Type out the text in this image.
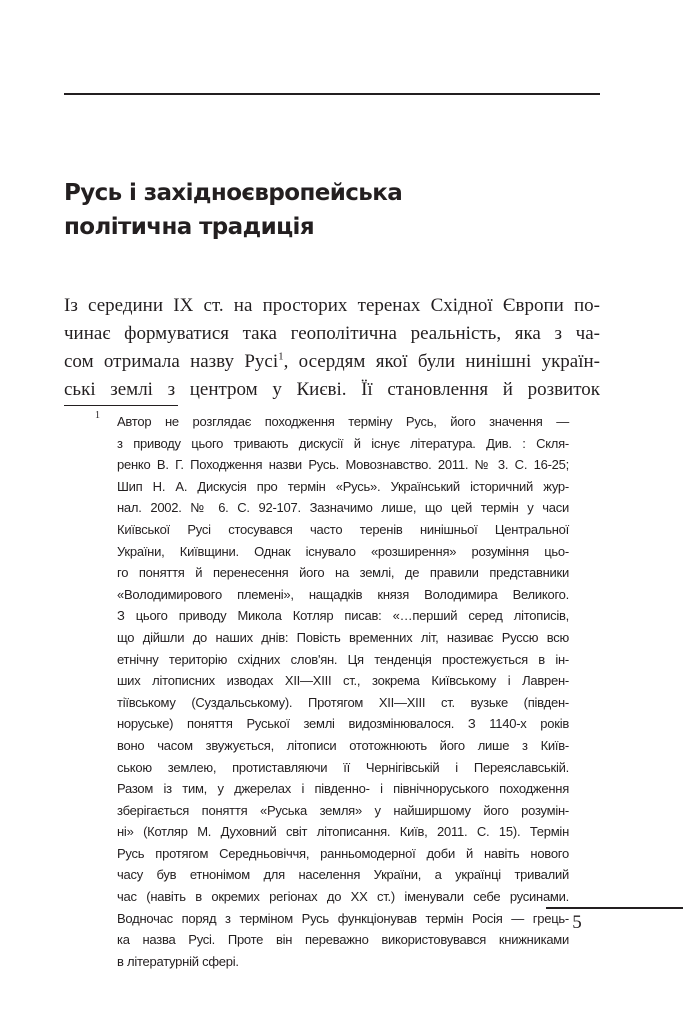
Русь і західноєвропейська
політична традиція
Із середини IX ст. на просторих теренах Східної Європи по-
чинає формуватися така геополітична реальність, яка з ча-
сом отримала назву Русі$^1$, осердям якої були нинішні україн-
ські землі з центром у Києві. Її становлення й розвиток
1 Автор не розглядає походження терміну Русь, його значення —
з приводу цього тривають дискусії й існує література. Див. : Скля-
ренко В. Г. Походження назви Русь. Мовознавство. 2011. № 3. С. 16-25;
Шип Н. А. Дискусія про термін «Русь». Український історичний жур-
нал. 2002. № 6. С. 92-107. Зазначимо лише, що цей термін у часи
Київської Русі стосувався часто теренів нинішньої Центральної
України, Київщини. Однак існувало «розширення» розуміння цьо-
го поняття й перенесення його на землі, де правили представники
«Володимирового племені», нащадків князя Володимира Великого.
З цього приводу Микола Котляр писав: «…перший серед літописів,
що дійшли до наших днів: Повість временних літ, називає Руссю всю
етнічну територію східних слов'ян. Ця тенденція простежується в ін-
ших літописних изводах XII—XIII ст., зокрема Київському і Лаврен-
тіївському (Суздальському). Протягом XII—XIII ст. вузьке (півден-
норуське) поняття Руської землі видозмінювалося. З 1140-х років
воно часом звужується, літописи ототожнюють його лише з Київ-
ською землею, протиставляючи її Чернігівській і Переяславській.
Разом із тим, у джерелах і південно- і північноруського походження
зберігається поняття «Руська земля» у найширшому його розумін-
ні» (Котляр М. Духовний світ літописання. Київ, 2011. С. 15). Термін
Русь протягом Середньовіччя, ранньомодерної доби й навіть нового
часу був етнонімом для населення України, а українці тривалий
час (навіть в окремих регіонах до XX ст.) іменували себе русинами.
Водночас поряд з терміном Русь функціонував термін Росія — грець-
ка назва Русі. Проте він переважно використовувався книжниками
в літературній сфері.
5
